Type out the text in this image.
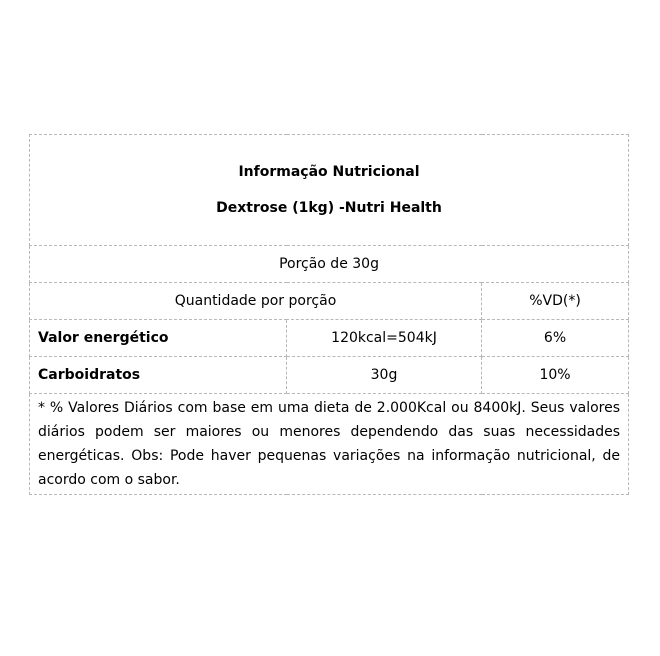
Informação Nutricional
Dextrose (1kg) -Nutri Health		

Porção de 30g		
Quantidade por porção		%VD(*)
Valor energético	120kcal=504kJ	6%
Carboidratos	30g	10%
* % Valores Diários com base em uma dieta de 2.000Kcal ou 8400kJ. Seus valores diários podem ser maiores ou menores dependendo das suas necessidades energéticas. Obs: Pode haver pequenas variações na informação nutricional, de acordo com o sabor.		
